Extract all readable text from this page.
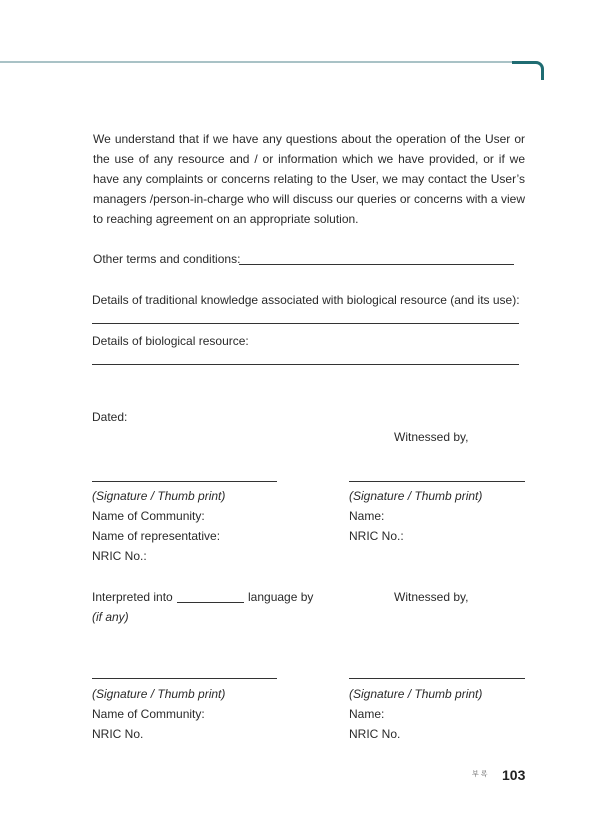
We understand that if we have any questions about the operation of the User or the use of any resource and / or information which we have provided, or if we have any complaints or concerns relating to the User, we may contact the User’s managers /person-in-charge who will discuss our queries or concerns with a view to reaching agreement on an appropriate solution.

Other terms and conditions:
Details of traditional knowledge associated with biological resource (and its use):
Details of biological resource:
Dated:
Witnessed by,
(Signature / Thumb print)
Name of Community:
Name of representative:
NRIC No.:
(Signature / Thumb print)
Name:
NRIC No.:
Interpreted into	language by	Witnessed by,
(if any)
(Signature / Thumb print)
Name of Community:
NRIC No.
(Signature / Thumb print)
Name:
NRIC No.
부 록 103
